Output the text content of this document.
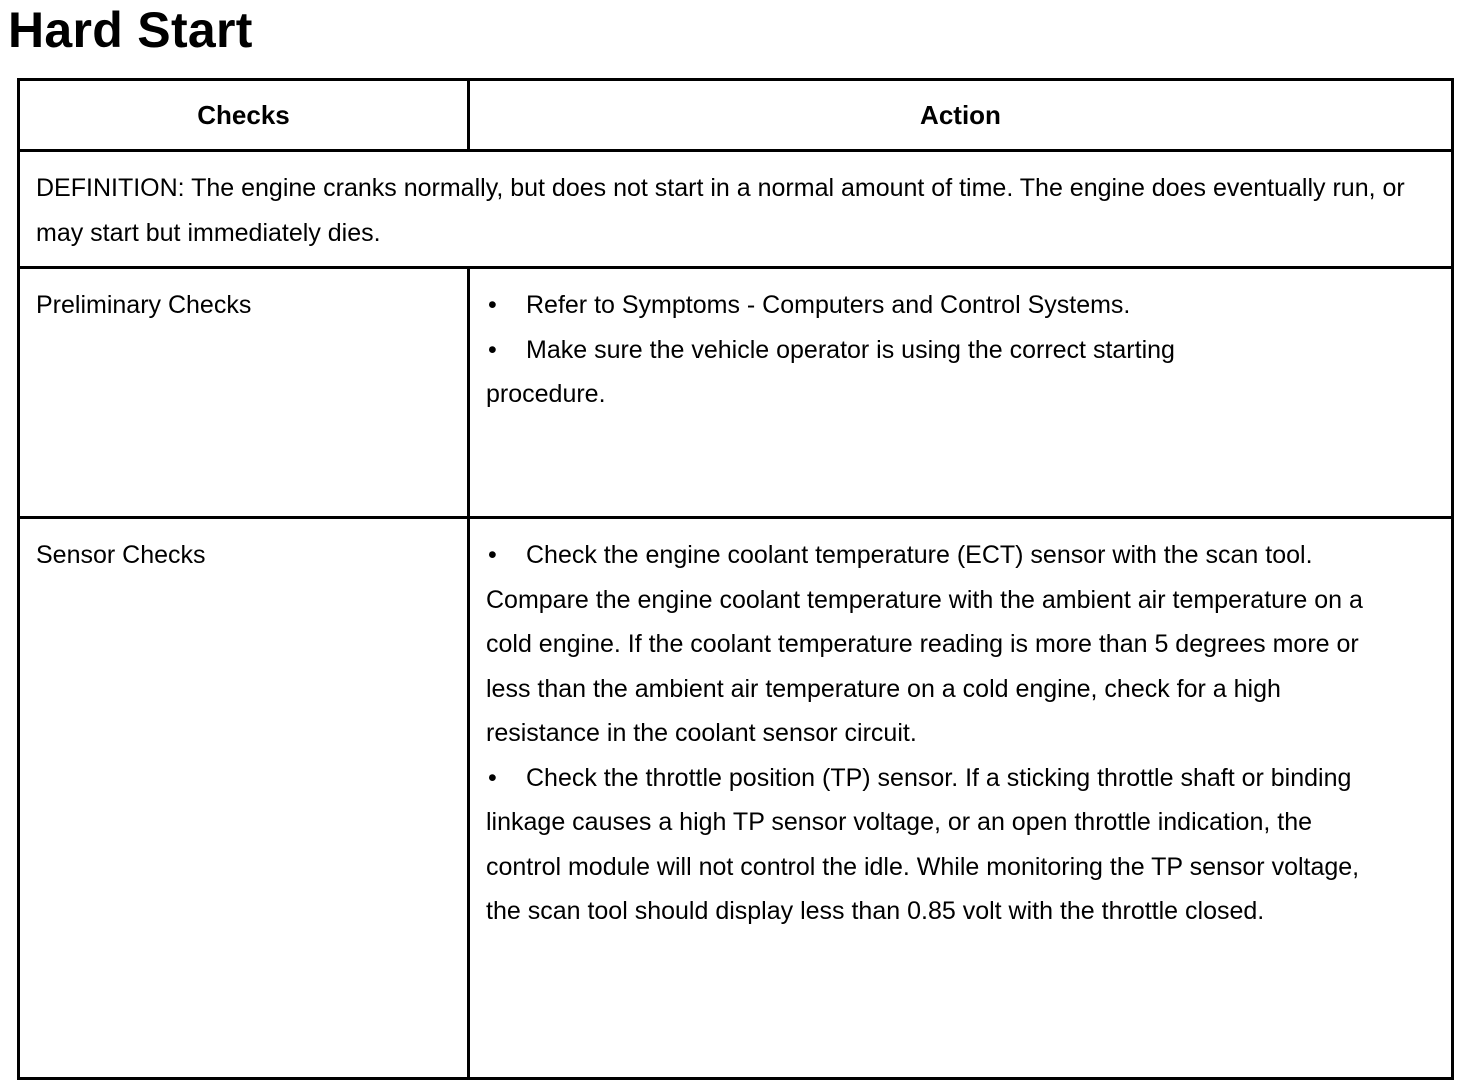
Hard Start
Checks	Action
DEFINITION: The engine cranks normally, but does not start in a normal amount of time. The engine does eventually run, or may start but immediately dies.	
Preliminary Checks	• Refer to Symptoms - Computers and Control Systems.
• Make sure the vehicle operator is using the correct starting procedure.

Sensor Checks	• Check the engine coolant temperature (ECT) sensor with the scan tool. Compare the engine coolant temperature with the ambient air temperature on a cold engine. If the coolant temperature reading is more than 5 degrees more or less than the ambient air temperature on a cold engine, check for a high resistance in the coolant sensor circuit.
• Check the throttle position (TP) sensor. If a sticking throttle shaft or binding linkage causes a high TP sensor voltage, or an open throttle indication, the control module will not control the idle. While monitoring the TP sensor voltage, the scan tool should display less than 0.85 volt with the throttle closed.
